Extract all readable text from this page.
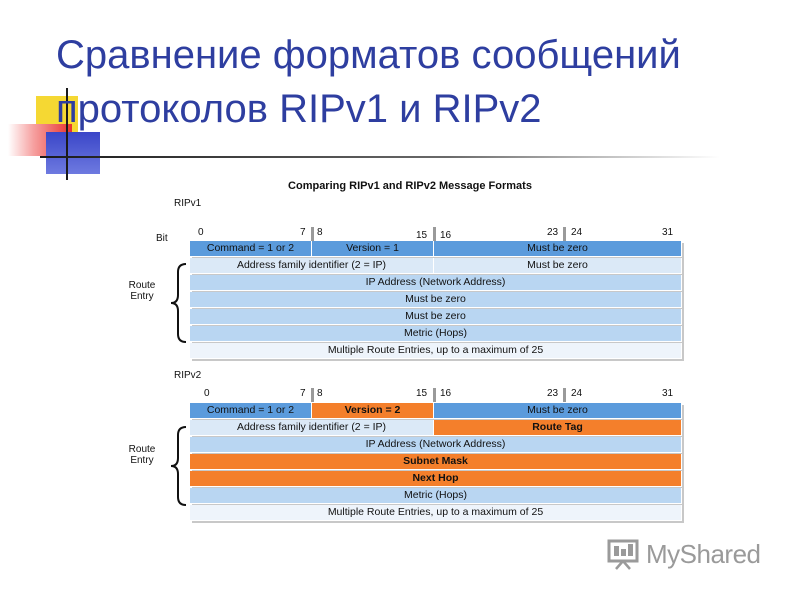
Сравнение форматов сообщений протоколов RIPv1 и RIPv2
Comparing RIPv1 and RIPv2 Message Formats
RIPv1
Bit
0	7 8	15 16	23 24	31
Command = 1 or 2	Version = 1	Must be zero
Address family identifier (2 = IP)	Must be zero
IP Address (Network Address)
Must be zero
Must be zero
Metric (Hops)
Multiple Route Entries, up to a maximum of 25
Route
Entry
RIPv2
0	7 8	15 16	23 24	31
Command = 1 or 2	Version = 2	Must be zero
Address family identifier (2 = IP)	Route Tag
IP Address (Network Address)
Subnet Mask
Next Hop
Metric (Hops)
Multiple Route Entries, up to a maximum of 25
Route
Entry
MyShared
